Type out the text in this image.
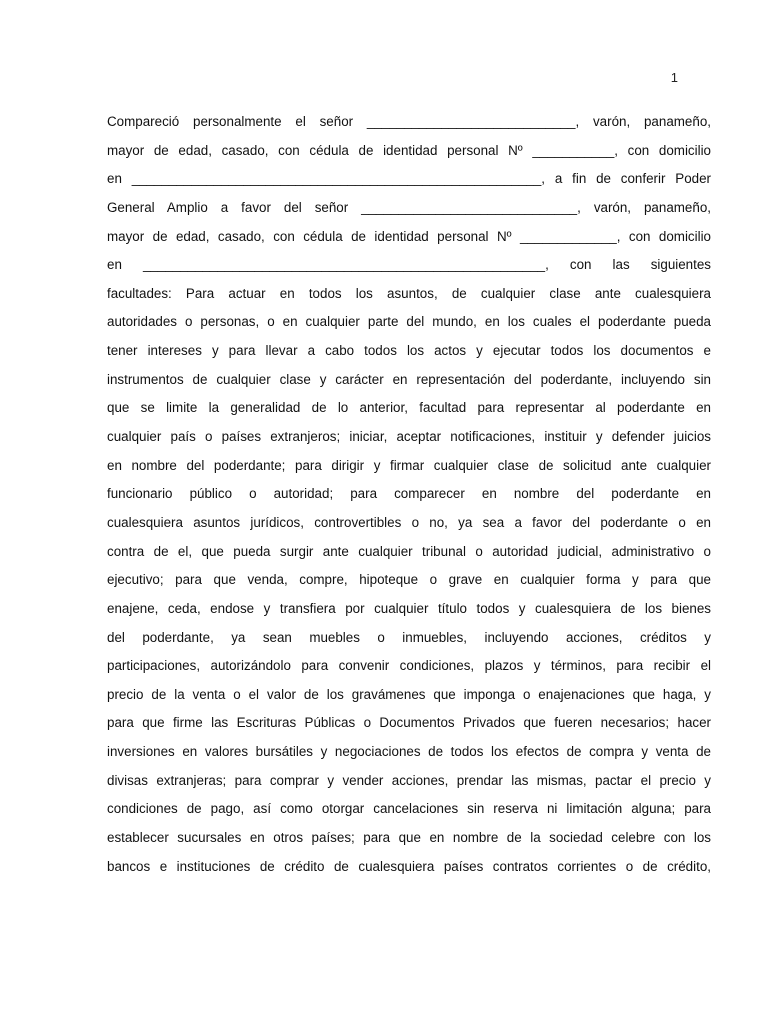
1
Compareció personalmente el señor ____________________________, varón, panameño,
mayor de edad, casado, con cédula de identidad personal Nº ___________, con domicilio
en _______________________________________________________, a fin de conferir Poder
General Amplio a favor del señor _____________________________, varón, panameño,
mayor de edad, casado, con cédula de identidad personal Nº _____________, con domicilio
en ______________________________________________________, con las siguientes
facultades: Para actuar en todos los asuntos, de cualquier clase ante cualesquiera
autoridades o personas, o en cualquier parte del mundo, en los cuales el poderdante pueda
tener intereses y para llevar a cabo todos los actos y ejecutar todos los documentos e
instrumentos de cualquier clase y carácter en representación del poderdante, incluyendo sin
que se limite la generalidad de lo anterior, facultad para representar al poderdante en
cualquier país o países extranjeros; iniciar, aceptar notificaciones, instituir y defender juicios
en nombre del poderdante; para dirigir y firmar cualquier clase de solicitud ante cualquier
funcionario público o autoridad; para comparecer en nombre del poderdante en
cualesquiera asuntos jurídicos, controvertibles o no, ya sea a favor del poderdante o en
contra de el, que pueda surgir ante cualquier tribunal o autoridad judicial, administrativo o
ejecutivo; para que venda, compre, hipoteque o grave en cualquier forma y para que
enajene, ceda, endose y transfiera por cualquier título todos y cualesquiera de los bienes
del poderdante, ya sean muebles o inmuebles, incluyendo acciones, créditos y
participaciones, autorizándolo para convenir condiciones, plazos y términos, para recibir el
precio de la venta o el valor de los gravámenes que imponga o enajenaciones que haga, y
para que firme las Escrituras Públicas o Documentos Privados que fueren necesarios; hacer
inversiones en valores bursátiles y negociaciones de todos los efectos de compra y venta de
divisas extranjeras; para comprar y vender acciones, prendar las mismas, pactar el precio y
condiciones de pago, así como otorgar cancelaciones sin reserva ni limitación alguna; para
establecer sucursales en otros países; para que en nombre de la sociedad celebre con los
bancos e instituciones de crédito de cualesquiera países contratos corrientes o de crédito,
